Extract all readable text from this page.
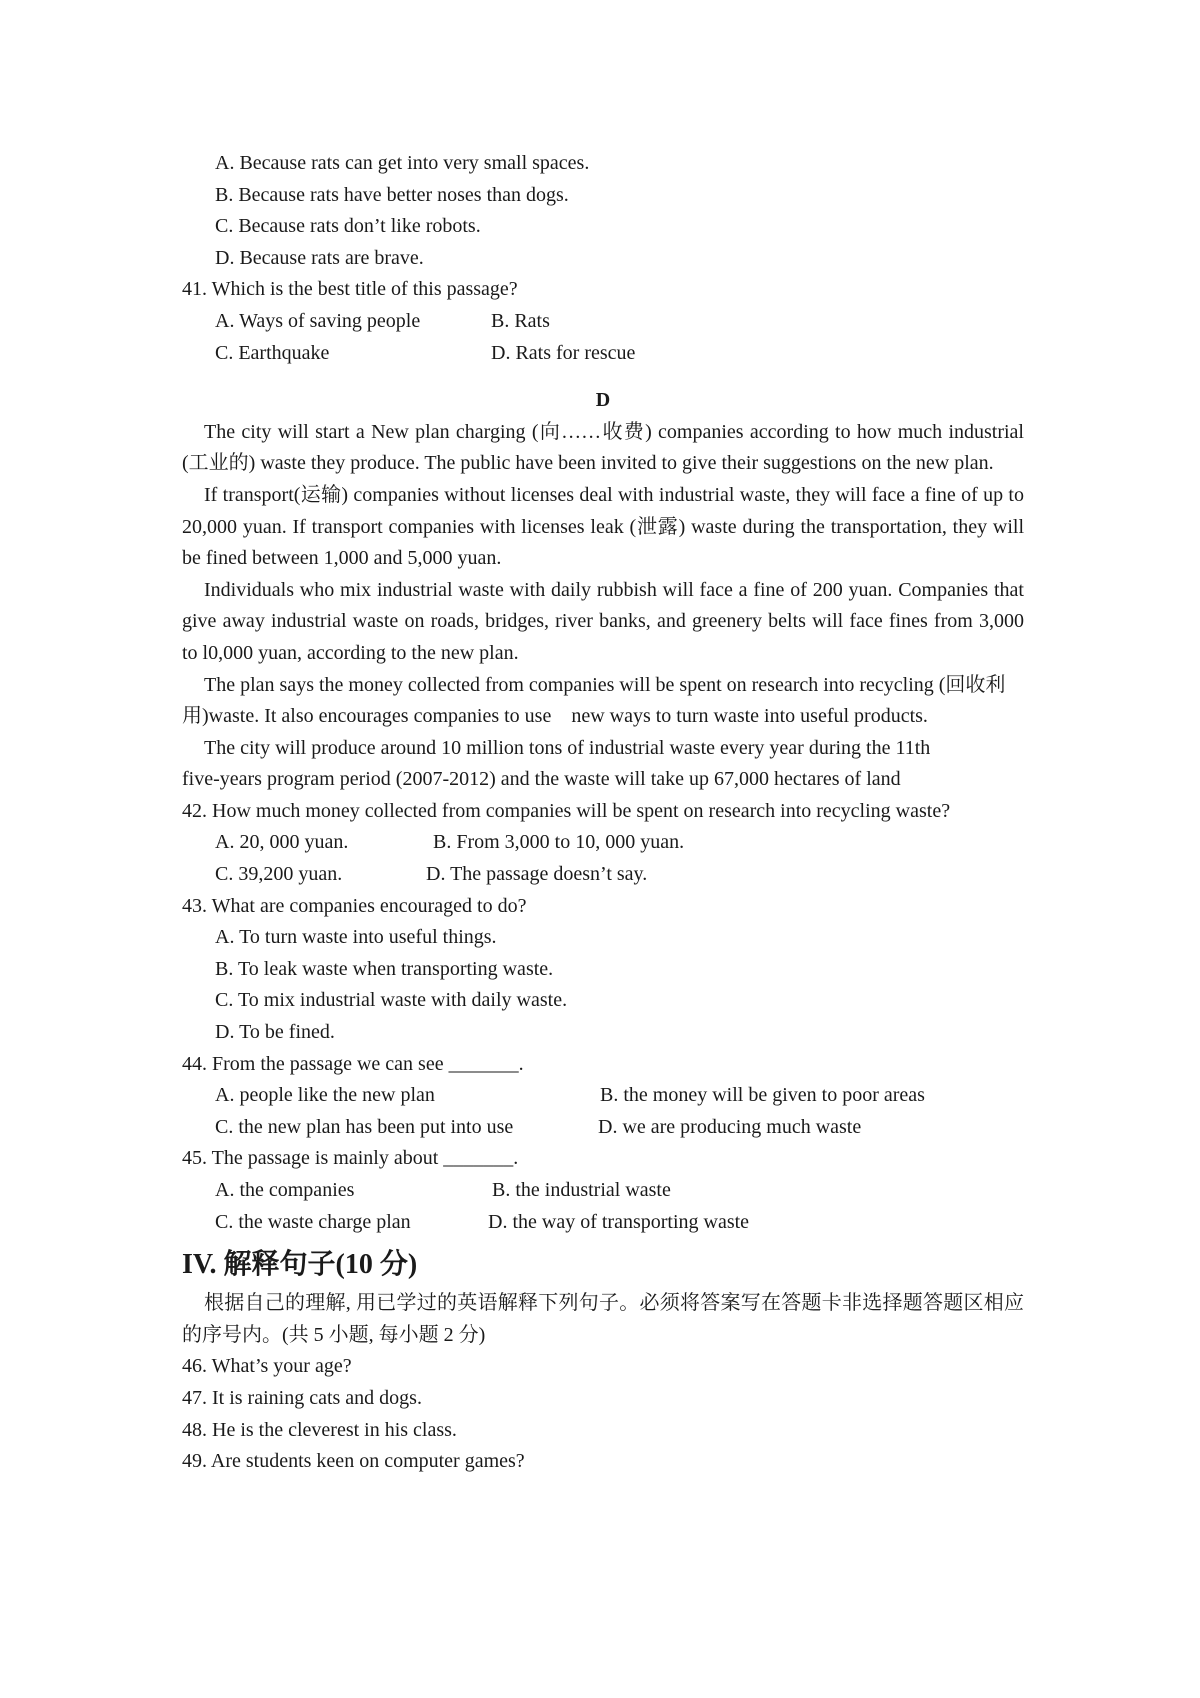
A. Because rats can get into very small spaces.
B. Because rats have better noses than dogs.
C. Because rats don’t like robots.
D. Because rats are brave.
41. Which is the best title of this passage?
A. Ways of saving people	B. Rats
C. Earthquake	D. Rats for rescue
D
The city will start a New plan charging (向……收费) companies according to how much industrial (工业的) waste they produce. The public have been invited to give their suggestions on the new plan.
If transport(运输) companies without licenses deal with industrial waste, they will face a fine of up to 20,000 yuan. If transport companies with licenses leak (泄露) waste during the transportation, they will be fined between 1,000 and 5,000 yuan.
Individuals who mix industrial waste with daily rubbish will face a fine of 200 yuan. Companies that give away industrial waste on roads, bridges, river banks, and greenery belts will face fines from 3,000 to l0,000 yuan, according to the new plan.
The plan says the money collected from companies will be spent on research into recycling (回收利用)waste. It also encourages companies to use　new ways to turn waste into useful products.
The city will produce around 10 million tons of industrial waste every year during the 11th
five-years program period (2007-2012) and the waste will take up 67,000 hectares of land
42. How much money collected from companies will be spent on research into recycling waste?
A. 20, 000 yuan.	B. From 3,000 to 10, 000 yuan.
C. 39,200 yuan.	D. The passage doesn’t say.
43. What are companies encouraged to do?
A. To turn waste into useful things.
B. To leak waste when transporting waste.
C. To mix industrial waste with daily waste.
D. To be fined.
44. From the passage we can see _______.
A. people like the new plan	B. the money will be given to poor areas
C. the new plan has been put into use	D. we are producing much waste
45. The passage is mainly about _______.
A. the companies	B. the industrial waste
C. the waste charge plan	D. the way of transporting waste
IV. 解释句子(10 分)
根据自己的理解, 用已学过的英语解释下列句子。必须将答案写在答题卡非选择题答题区相应的序号内。(共 5 小题, 每小题 2 分)
46. What’s your age?
47. It is raining cats and dogs.
48. He is the cleverest in his class.
49. Are students keen on computer games?
